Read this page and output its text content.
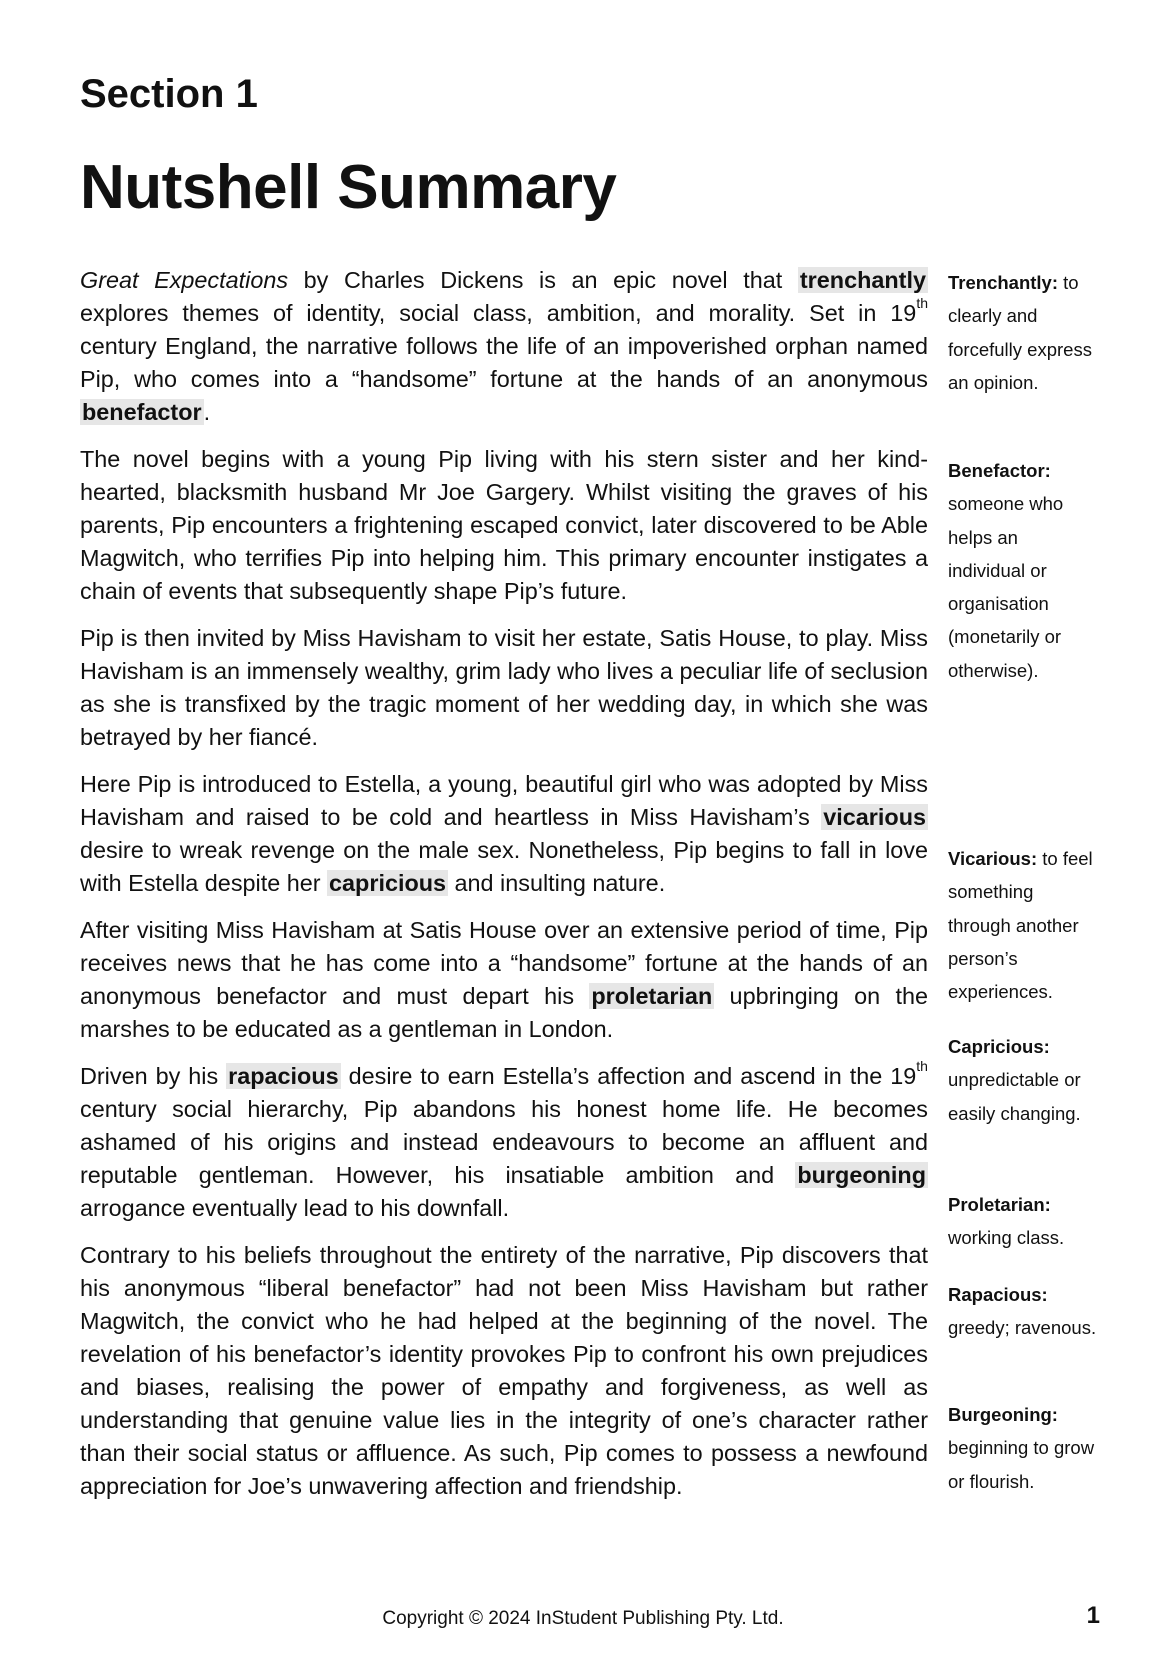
Section 1
Nutshell Summary

Great Expectations by Charles Dickens is an epic novel that trenchantly explores themes of identity, social class, ambition, and morality. Set in 19th century England, the narrative follows the life of an impoverished orphan named Pip, who comes into a “handsome” fortune at the hands of an anonymous benefactor.

The novel begins with a young Pip living with his stern sister and her kind-hearted, blacksmith husband Mr Joe Gargery. Whilst visiting the graves of his parents, Pip encounters a frightening escaped convict, later discovered to be Able Magwitch, who terrifies Pip into helping him. This primary encounter instigates a chain of events that subsequently shape Pip’s future.

Pip is then invited by Miss Havisham to visit her estate, Satis House, to play. Miss Havisham is an immensely wealthy, grim lady who lives a peculiar life of seclusion as she is transfixed by the tragic moment of her wedding day, in which she was betrayed by her fiancé.

Here Pip is introduced to Estella, a young, beautiful girl who was adopted by Miss Havisham and raised to be cold and heartless in Miss Havisham’s vicarious desire to wreak revenge on the male sex. Nonetheless, Pip begins to fall in love with Estella despite her capricious and insulting nature.

After visiting Miss Havisham at Satis House over an extensive period of time, Pip receives news that he has come into a “handsome” fortune at the hands of an anonymous benefactor and must depart his proletarian upbringing on the marshes to be educated as a gentleman in London.

Driven by his rapacious desire to earn Estella’s affection and ascend in the 19th century social hierarchy, Pip abandons his honest home life. He becomes ashamed of his origins and instead endeavours to become an affluent and reputable gentleman. However, his insatiable ambition and burgeoning arrogance eventually lead to his downfall.

Contrary to his beliefs throughout the entirety of the narrative, Pip discovers that his anonymous “liberal benefactor” had not been Miss Havisham but rather Magwitch, the convict who he had helped at the beginning of the novel. The revelation of his benefactor’s identity provokes Pip to confront his own prejudices and biases, realising the power of empathy and forgiveness, as well as understanding that genuine value lies in the integrity of one’s character rather than their social status or affluence. As such, Pip comes to possess a newfound appreciation for Joe’s unwavering affection and friendship.

Trenchantly: to clearly and forcefully express an opinion.
Benefactor: someone who helps an individual or organisation (monetarily or otherwise).
Vicarious: to feel something through another person’s experiences.
Capricious: unpredictable or easily changing.
Proletarian: working class.
Rapacious: greedy; ravenous.
Burgeoning: beginning to grow or flourish.
Copyright © 2024 InStudent Publishing Pty. Ltd.	1
